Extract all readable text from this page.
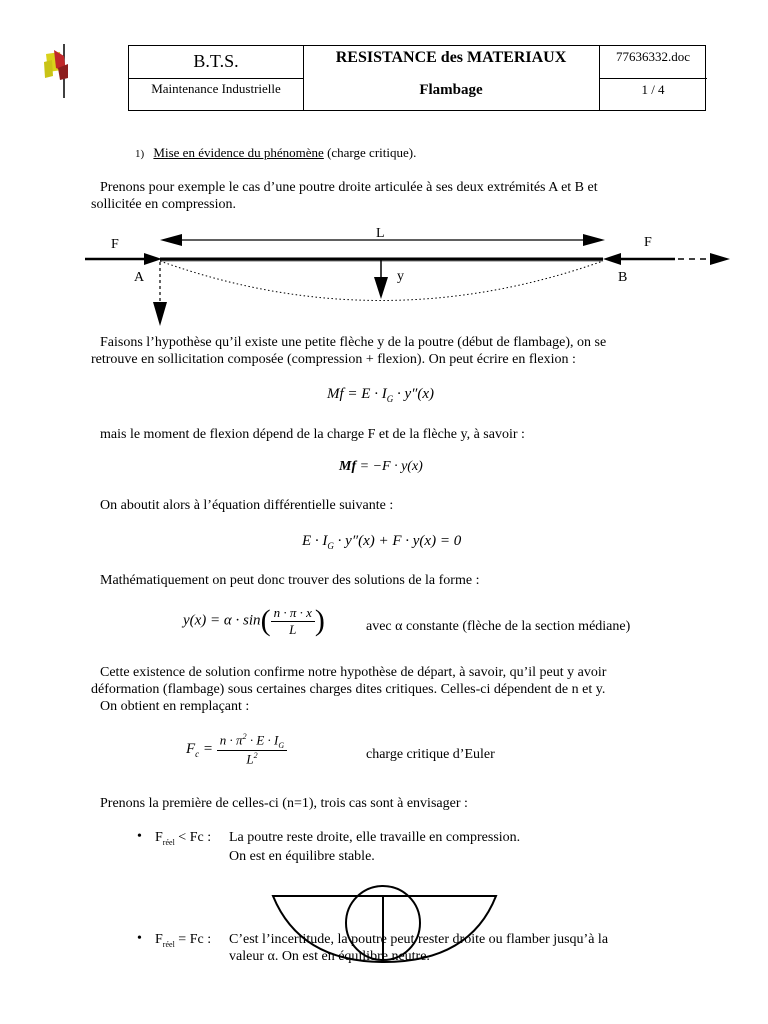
B.T.S.
Maintenance Industrielle
RESISTANCE des MATERIAUX
Flambage
77636332.doc
1 / 4
1) Mise en évidence du phénomène (charge critique).
Prenons pour exemple le cas d’une poutre droite articulée à ses deux extrémités A et B et
sollicitée en compression.
F	F
L
y
A	B
Faisons l’hypothèse qu’il existe une petite flèche y de la poutre (début de flambage), on se
retrouve en sollicitation composée (compression + flexion). On peut écrire en flexion :
$Mf = E \cdot I_G \cdot y''(x)$
mais le moment de flexion dépend de la charge F et de la flèche y, à savoir :
Mf = −F · y(x)
On aboutit alors à l’équation différentielle suivante :
$E \cdot I_G \cdot y''(x) + F \cdot y(x) = 0$
Mathématiquement on peut donc trouver des solutions de la forme :
$y(x) = \alpha \cdot \sin( \frac{n \cdot \pi \cdot x}{L}$ )	avec α constante (flèche de la section médiane)
Cette existence de solution confirme notre hypothèse de départ, à savoir, qu’il peut y avoir
déformation (flambage) sous certaines charges dites critiques. Celles-ci dépendent de n et y.
On obtient en remplaçant :
$F_c = \frac{n \cdot \pi^2 \cdot E \cdot I_G}{L^2}$	charge critique d’Euler
Prenons la première de celles-ci (n=1), trois cas sont à envisager :
• $F_{réel} < Fc$ : La poutre reste droite, elle travaille en compression.
On est en équilibre stable.
• $F_{réel} = Fc$ : C’est l’incertitude, la poutre peut rester droite ou flamber jusqu’à la
valeur α. On est en équilibre neutre.
